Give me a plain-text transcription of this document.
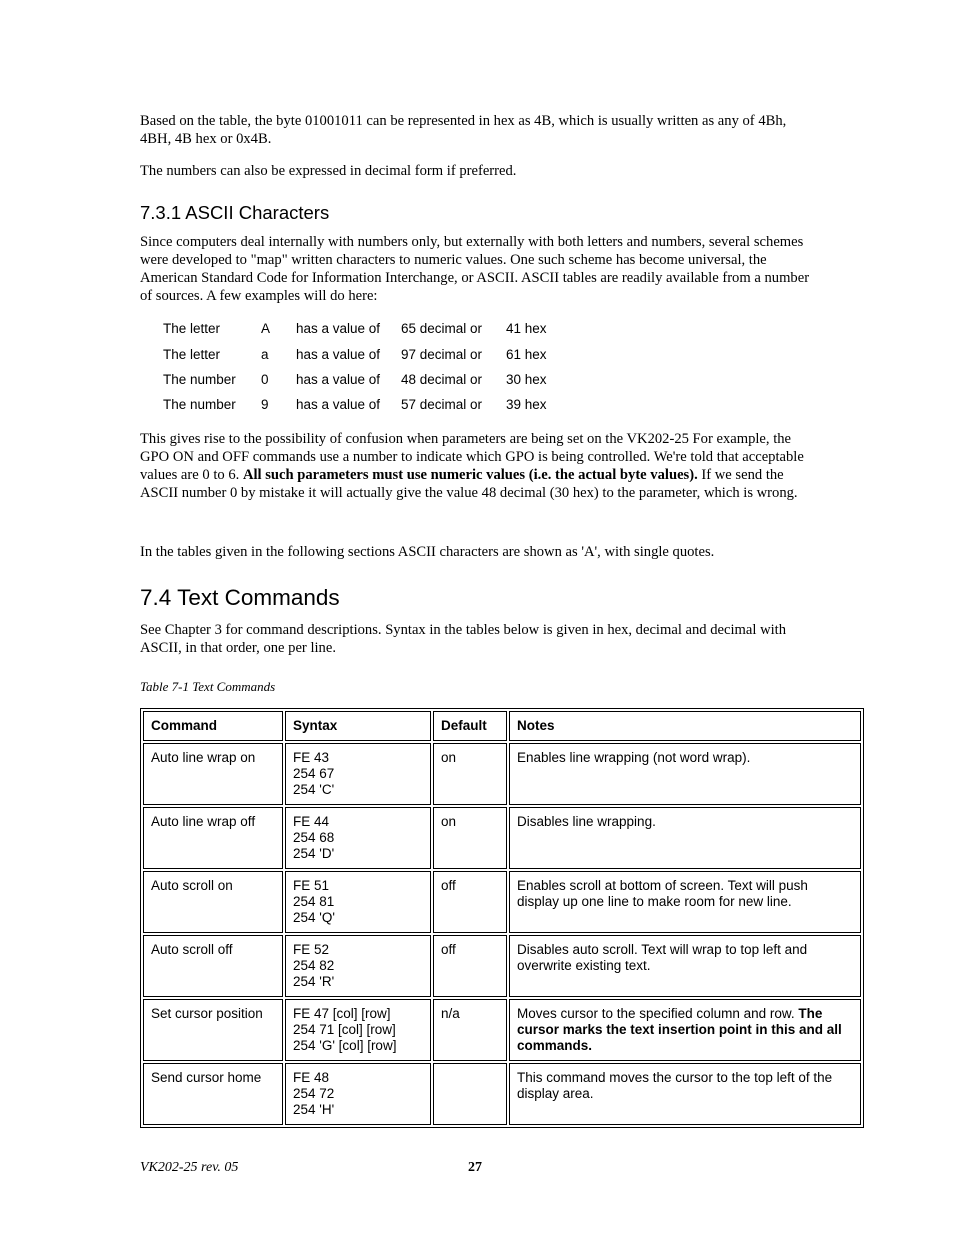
Based on the table, the byte 01001011 can be represented in hex as 4B, which is usually written as any of 4Bh, 4BH, 4B hex or 0x4B.

The numbers can also be expressed in decimal form if preferred.

7.3.1 ASCII Characters

Since computers deal internally with numbers only, but externally with both letters and numbers, several schemes were developed to "map" written characters to numeric values. One such scheme has become universal, the American Standard Code for Information Interchange, or ASCII. ASCII tables are readily available from a number of sources. A few examples will do here:

The letter	A has a value of 65 decimal or 41 hex
The letter	a has a value of 97 decimal or 61 hex
The number 0 has a value of 48 decimal or 30 hex
The number 9 has a value of 57 decimal or 39 hex

This gives rise to the possibility of confusion when parameters are being set on the VK202-25 For example, the GPO ON and OFF commands use a number to indicate which GPO is being controlled. We're told that acceptable values are 0 to 6. All such parameters must use numeric values (i.e. the actual byte values). If we send the ASCII number 0 by mistake it will actually give the value 48 decimal (30 hex) to the parameter, which is wrong.

In the tables given in the following sections ASCII characters are shown as 'A', with single quotes.

7.4 Text Commands

See Chapter 3 for command descriptions. Syntax in the tables below is given in hex, decimal and decimal with ASCII, in that order, one per line.

Table 7-1 Text Commands
Command	Syntax	Default	Notes
Auto line wrap on	FE 43
254 67
254 'C'	on	Enables line wrapping (not word wrap).
Auto line wrap off	FE 44
254 68
254 'D'	on	Disables line wrapping.
Auto scroll on	FE 51
254 81
254 'Q'	off	Enables scroll at bottom of screen. Text will push display up one line to make room for new line.
Auto scroll off	FE 52
254 82
254 'R'	off	Disables auto scroll. Text will wrap to top left and overwrite existing text.
Set cursor position	FE 47 [col] [row]
254 71 [col] [row]
254 'G' [col] [row]	n/a	Moves cursor to the specified column and row. The cursor marks the text insertion point in this and all commands.
Send cursor home	FE 48
254 72
254 'H'		This command moves the cursor to the top left of the display area.
VK202-25 rev. 05	27
